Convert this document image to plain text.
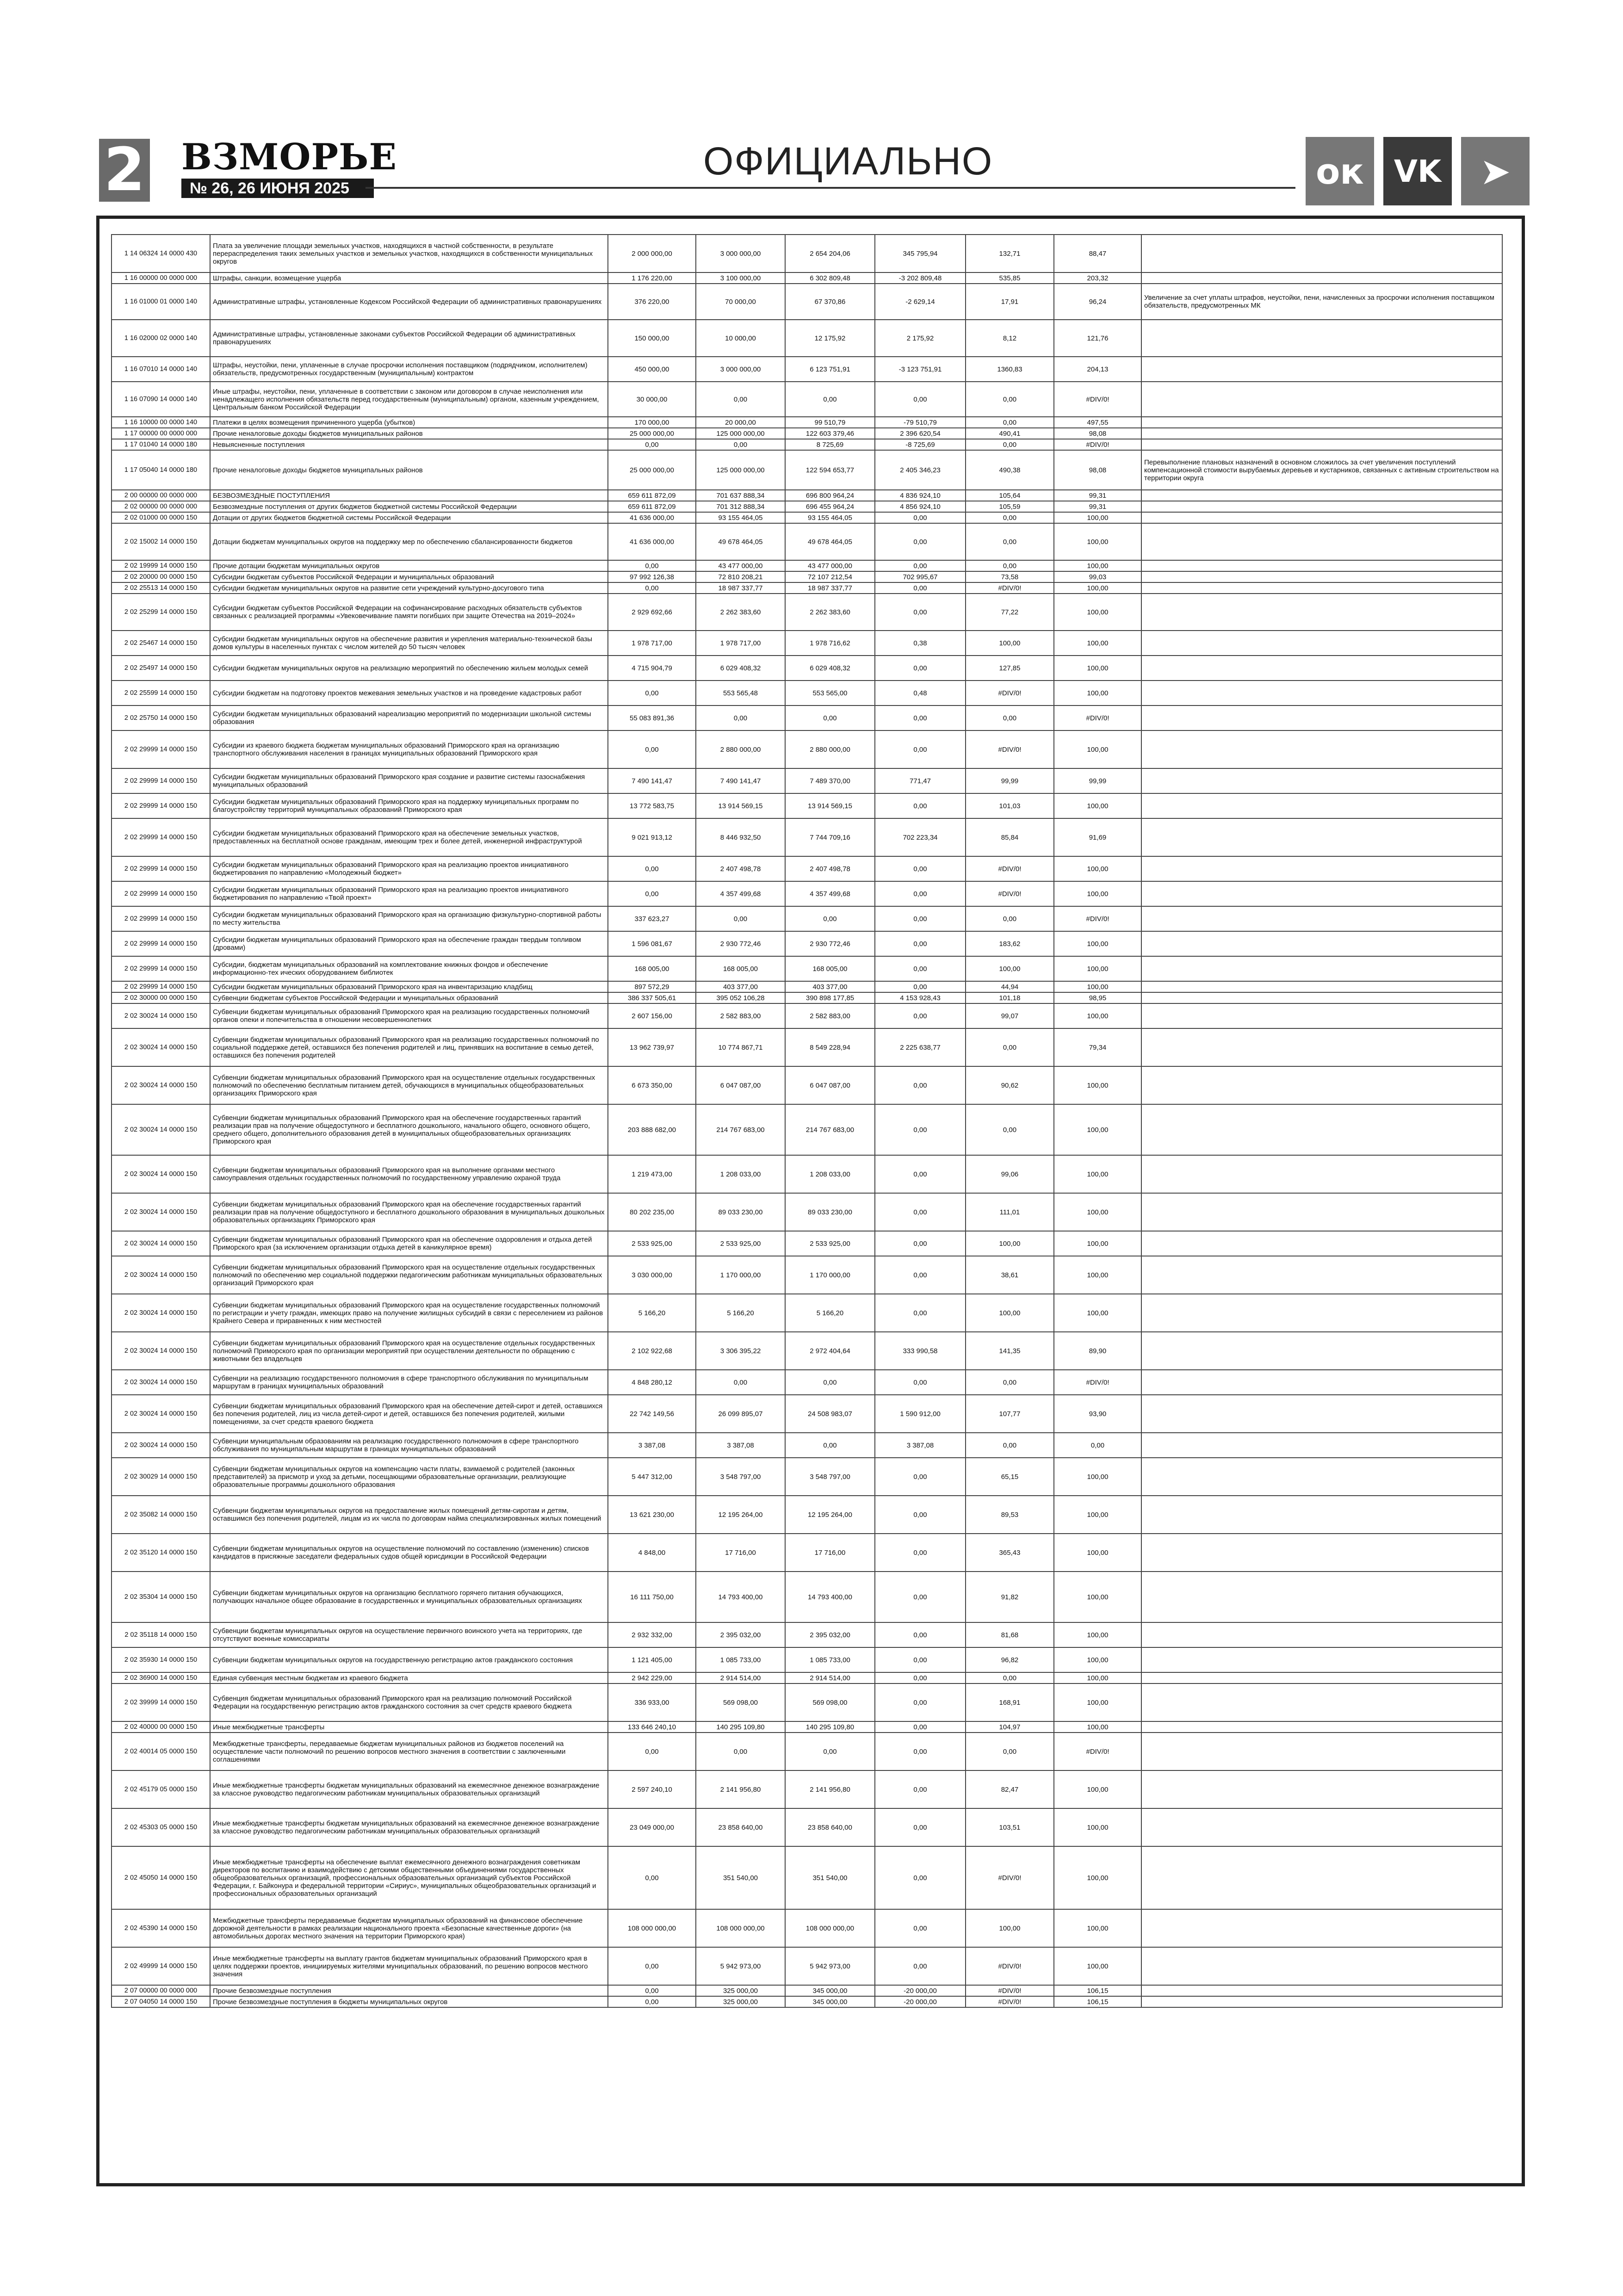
2 ВЗМОРЬЕ
№ 26, 26 ИЮНЯ 2025
ОФИЦИАЛЬНО	ок VK	➤
1 14 06324 14 0000 430	Плата за увеличение площади земельных участков, находящихся в частной собственности, в результате перераспределения таких земельных участков и земельных участков, находящихся в собственности муниципальных округов	2 000 000,00	3 000 000,00	2 654 204,06	345 795,94	132,71	88,47	
1 16 00000 00 0000 000	Штрафы, санкции, возмещение ущерба	1 176 220,00	3 100 000,00	6 302 809,48	-3 202 809,48	535,85	203,32	
1 16 01000 01 0000 140	Административные штрафы, установленные Кодексом Российской Федерации об административных правонарушениях	376 220,00	70 000,00	67 370,86	-2 629,14	17,91	96,24	Увеличение за счет уплаты штрафов, неустойки, пени, начисленных за просрочки исполнения поставщиком обязательств, предусмотренных МК
1 16 02000 02 0000 140	Административные штрафы, установленные законами субъектов Российской Федерации об административных правонарушениях	150 000,00	10 000,00	12 175,92	2 175,92	8,12	121,76	
1 16 07010 14 0000 140	Штрафы, неустойки, пени, уплаченные в случае просрочки исполнения поставщиком (подрядчиком, исполнителем) обязательств, предусмотренных государственным (муниципальным) контрактом	450 000,00	3 000 000,00	6 123 751,91	-3 123 751,91	1360,83	204,13	
1 16 07090 14 0000 140	Иные штрафы, неустойки, пени, уплаченные в соответствии с законом или договором в случае неисполнения или ненадлежащего исполнения обязательств перед государственным (муниципальным) органом, казенным учреждением, Центральным банком Российской Федерации	30 000,00	0,00	0,00	0,00	0,00	#DIV/0!	
1 16 10000 00 0000 140	Платежи в целях возмещения причиненного ущерба (убытков)	170 000,00	20 000,00	99 510,79	-79 510,79	0,00	497,55	
1 17 00000 00 0000 000	Прочие неналоговые доходы бюджетов муниципальных районов	25 000 000,00	125 000 000,00	122 603 379,46	2 396 620,54	490,41	98,08	
1 17 01040 14 0000 180	Невыясненные поступления	0,00	0,00	8 725,69	-8 725,69	0,00	#DIV/0!	
1 17 05040 14 0000 180	Прочие неналоговые доходы бюджетов муниципальных районов	25 000 000,00	125 000 000,00	122 594 653,77	2 405 346,23	490,38	98,08	Перевыполнение плановых назначений в основном сложилось за счет увеличения поступлений компенсационной стоимости вырубаемых деревьев и кустарников, связанных с активным строительством на территории округа
2 00 00000 00 0000 000	БЕЗВОЗМЕЗДНЫЕ ПОСТУПЛЕНИЯ	659 611 872,09	701 637 888,34	696 800 964,24	4 836 924,10	105,64	99,31	
2 02 00000 00 0000 000	Безвозмездные поступления от других бюджетов бюджетной системы Российской Федерации	659 611 872,09	701 312 888,34	696 455 964,24	4 856 924,10	105,59	99,31	
2 02 01000 00 0000 150	Дотации от других бюджетов бюджетной системы Российской Федерации	41 636 000,00	93 155 464,05	93 155 464,05	0,00	0,00	100,00	
2 02 15002 14 0000 150	Дотации бюджетам муниципальных округов на поддержку мер по обеспечению сбалансированности бюджетов	41 636 000,00	49 678 464,05	49 678 464,05	0,00	0,00	100,00	
2 02 19999 14 0000 150	Прочие дотации бюджетам муниципальных округов	0,00	43 477 000,00	43 477 000,00	0,00	0,00	100,00	
2 02 20000 00 0000 150	Субсидии бюджетам субъектов Российской Федерации и муниципальных образований	97 992 126,38	72 810 208,21	72 107 212,54	702 995,67	73,58	99,03	
2 02 25513 14 0000 150	Субсидии бюджетам муниципальных округов на развитие сети учреждений культурно-досугового типа	0,00	18 987 337,77	18 987 337,77	0,00	#DIV/0!	100,00	
2 02 25299 14 0000 150	Субсидии бюджетам субъектов Российской Федерации на софинансирование расходных обязательств субъектов связанных с реализацией программы «Увековечивание памяти погибших при защите Отечества на 2019–2024»	2 929 692,66	2 262 383,60	2 262 383,60	0,00	77,22	100,00	
2 02 25467 14 0000 150	Субсидии бюджетам муниципальных округов на обеспечение развития и укрепления материально-технической базы домов культуры в населенных пунктах с числом жителей до 50 тысяч человек	1 978 717,00	1 978 717,00	1 978 716,62	0,38	100,00	100,00	
2 02 25497 14 0000 150	Субсидии бюджетам муниципальных округов на реализацию мероприятий по обеспечению жильем молодых семей	4 715 904,79	6 029 408,32	6 029 408,32	0,00	127,85	100,00	
2 02 25599 14 0000 150	Субсидии бюджетам на подготовку проектов межевания земельных участков и на проведение кадастровых работ	0,00	553 565,48	553 565,00	0,48	#DIV/0!	100,00	
2 02 25750 14 0000 150	Субсидии бюджетам муниципальных образований нареализацию мероприятий по модернизации школьной системы образования	55 083 891,36	0,00	0,00	0,00	0,00	#DIV/0!	
2 02 29999 14 0000 150	Субсидии из краевого бюджета бюджетам муниципальных образований Приморского края на организацию транспортного обслуживания населения в границах муниципальных образований Приморского края	0,00	2 880 000,00	2 880 000,00	0,00	#DIV/0!	100,00	
2 02 29999 14 0000 150	Субсидии бюджетам муниципальных образований Приморского края создание и развитие системы газоснабжения муниципальных образований	7 490 141,47	7 490 141,47	7 489 370,00	771,47	99,99	99,99	
2 02 29999 14 0000 150	Субсидии бюджетам муниципальных образований Приморского края на поддержку муниципальных программ по благоустройству территорий муниципальных образований Приморского края	13 772 583,75	13 914 569,15	13 914 569,15	0,00	101,03	100,00	
2 02 29999 14 0000 150	Субсидии бюджетам муниципальных образований Приморского края на обеспечение земельных участков, предоставленных на бесплатной основе гражданам, имеющим трех и более детей, инженерной инфраструктурой	9 021 913,12	8 446 932,50	7 744 709,16	702 223,34	85,84	91,69	
2 02 29999 14 0000 150	Субсидии бюджетам муниципальных образований Приморского края на реализацию проектов инициативного бюджетирования по направлению «Молодежный бюджет»	0,00	2 407 498,78	2 407 498,78	0,00	#DIV/0!	100,00	
2 02 29999 14 0000 150	Субсидии бюджетам муниципальных образований Приморского края на реализацию проектов инициативного бюджетирования по направлению «Твой проект»	0,00	4 357 499,68	4 357 499,68	0,00	#DIV/0!	100,00	
2 02 29999 14 0000 150	Субсидии бюджетам муниципальных образований Приморского края на организацию физкультурно-спортивной работы по месту жительства	337 623,27	0,00	0,00	0,00	0,00	#DIV/0!	
2 02 29999 14 0000 150	Субсидии бюджетам муниципальных образований Приморского края на обеспечение граждан твердым топливом (дровами)	1 596 081,67	2 930 772,46	2 930 772,46	0,00	183,62	100,00	
2 02 29999 14 0000 150	Субсидии, бюджетам муниципальных образований на комплектование книжных фондов и обеспечение информационно-тех ических оборудованием библиотек	168 005,00	168 005,00	168 005,00	0,00	100,00	100,00	
2 02 29999 14 0000 150	Субсидии бюджетам муниципальных образований Приморского края на инвентаризацию кладбищ	897 572,29	403 377,00	403 377,00	0,00	44,94	100,00	
2 02 30000 00 0000 150	Субвенции бюджетам субъектов Российской Федерации и муниципальных образований	386 337 505,61	395 052 106,28	390 898 177,85	4 153 928,43	101,18	98,95	
2 02 30024 14 0000 150	Субвенции бюджетам муниципальных образований Приморского края на реализацию государственных полномочий органов опеки и попечительства в отношении несовершеннолетних	2 607 156,00	2 582 883,00	2 582 883,00	0,00	99,07	100,00	
2 02 30024 14 0000 150	Субвенции бюджетам муниципальных образований Приморского края на реализацию государственных полномочий по социальной поддержке детей, оставшихся без попечения родителей и лиц, принявших на воспитание в семью детей, оставшихся без попечения родителей	13 962 739,97	10 774 867,71	8 549 228,94	2 225 638,77	0,00	79,34	
2 02 30024 14 0000 150	Субвенции бюджетам муниципальных образований Приморского края на осуществление отдельных государственных полномочий по обеспечению бесплатным питанием детей, обучающихся в муниципальных общеобразовательных организациях Приморского края	6 673 350,00	6 047 087,00	6 047 087,00	0,00	90,62	100,00	
2 02 30024 14 0000 150	Субвенции бюджетам муниципальных образований Приморского края на обеспечение государственных гарантий реализации прав на получение общедоступного и бесплатного дошкольного, начального общего, основного общего, среднего общего, дополнительного образования детей в муниципальных общеобразовательных организациях Приморского края	203 888 682,00	214 767 683,00	214 767 683,00	0,00	0,00	100,00	
2 02 30024 14 0000 150	Субвенции бюджетам муниципальных образований Приморского края на выполнение органами местного самоуправления отдельных государственных полномочий по государственному управлению охраной труда	1 219 473,00	1 208 033,00	1 208 033,00	0,00	99,06	100,00	
2 02 30024 14 0000 150	Субвенции бюджетам муниципальных образований Приморского края на обеспечение государственных гарантий реализации прав на получение общедоступного и бесплатного дошкольного образования в муниципальных дошкольных образовательных организациях Приморского края	80 202 235,00	89 033 230,00	89 033 230,00	0,00	111,01	100,00	
2 02 30024 14 0000 150	Субвенции бюджетам муниципальных образований Приморского края на обеспечение оздоровления и отдыха детей Приморского края (за исключением организации отдыха детей в каникулярное время)	2 533 925,00	2 533 925,00	2 533 925,00	0,00	100,00	100,00	
2 02 30024 14 0000 150	Субвенции бюджетам муниципальных образований Приморского края на осуществление отдельных государственных полномочий по обеспечению мер социальной поддержки педагогическим работникам муниципальных образовательных организаций Приморского края	3 030 000,00	1 170 000,00	1 170 000,00	0,00	38,61	100,00	
2 02 30024 14 0000 150	Субвенции бюджетам муниципальных образований Приморского края на осуществление государственных полномочий по регистрации и учету граждан, имеющих право на получение жилищных субсидий в связи с переселением из районов Крайнего Севера и приравненных к ним местностей	5 166,20	5 166,20	5 166,20	0,00	100,00	100,00	
2 02 30024 14 0000 150	Субвенции бюджетам муниципальных образований Приморского края на осуществление отдельных государственных полномочий Приморского края по организации мероприятий при осуществлении деятельности по обращению с животными без владельцев	2 102 922,68	3 306 395,22	2 972 404,64	333 990,58	141,35	89,90	
2 02 30024 14 0000 150	Субвенции на реализацию государственного полномочия в сфере транспортного обслуживания по муниципальным маршрутам в границах муниципальных образований	4 848 280,12	0,00	0,00	0,00	0,00	#DIV/0!	
2 02 30024 14 0000 150	Субвенции бюджетам муниципальных образований Приморского края на обеспечение детей-сирот и детей, оставшихся без попечения родителей, лиц из числа детей-сирот и детей, оставшихся без попечения родителей, жилыми помещениями, за счет средств краевого бюджета	22 742 149,56	26 099 895,07	24 508 983,07	1 590 912,00	107,77	93,90	
2 02 30024 14 0000 150	Субвенции муниципальным образованиям на реализацию государственного полномочия в сфере транспортного обслуживания по муниципальным маршрутам в границах муниципальных образований	3 387,08	3 387,08	0,00	3 387,08	0,00	0,00	
2 02 30029 14 0000 150	Субвенции бюджетам муниципальных округов на компенсацию части платы, взимаемой с родителей (законных представителей) за присмотр и уход за детьми, посещающими образовательные организации, реализующие образовательные программы дошкольного образования	5 447 312,00	3 548 797,00	3 548 797,00	0,00	65,15	100,00	
2 02 35082 14 0000 150	Субвенции бюджетам муниципальных округов на предоставление жилых помещений детям-сиротам и детям, оставшимся без попечения родителей, лицам из их числа по договорам найма специализированных жилых помещений	13 621 230,00	12 195 264,00	12 195 264,00	0,00	89,53	100,00	
2 02 35120 14 0000 150	Субвенции бюджетам муниципальных округов на осуществление полномочий по составлению (изменению) списков кандидатов в присяжные заседатели федеральных судов общей юрисдикции в Российской Федерации	4 848,00	17 716,00	17 716,00	0,00	365,43	100,00	
2 02 35304 14 0000 150	Субвенции бюджетам муниципальных округов на организацию бесплатного горячего питания обучающихся, получающих начальное общее образование в государственных и муниципальных образовательных организациях	16 111 750,00	14 793 400,00	14 793 400,00	0,00	91,82	100,00	
2 02 35118 14 0000 150	Субвенции бюджетам муниципальных округов на осуществление первичного воинского учета на территориях, где отсутствуют военные комиссариаты	2 932 332,00	2 395 032,00	2 395 032,00	0,00	81,68	100,00	
2 02 35930 14 0000 150	Субвенции бюджетам муниципальных округов на государственную регистрацию актов гражданского состояния	1 121 405,00	1 085 733,00	1 085 733,00	0,00	96,82	100,00	
2 02 36900 14 0000 150	Единая субвенция местным бюджетам из краевого бюджета	2 942 229,00	2 914 514,00	2 914 514,00	0,00	0,00	100,00	
2 02 39999 14 0000 150	Субвенция бюджетам муниципальных образований Приморского края на реализацию полномочий Российской Федерации на государственную регистрацию актов гражданского состояния за счет средств краевого бюджета	336 933,00	569 098,00	569 098,00	0,00	168,91	100,00	
2 02 40000 00 0000 150	Иные межбюджетные трансферты	133 646 240,10	140 295 109,80	140 295 109,80	0,00	104,97	100,00	
2 02 40014 05 0000 150	Межбюджетные трансферты, передаваемые бюджетам муниципальных районов из бюджетов поселений на осуществление части полномочий по решению вопросов местного значения в соответствии с заключенными соглашениями	0,00	0,00	0,00	0,00	0,00	#DIV/0!	
2 02 45179 05 0000 150	Иные межбюджетные трансферты бюджетам муниципальных образований на ежемесячное денежное вознаграждение за классное руководство педагогическим работникам муниципальных образовательных организаций	2 597 240,10	2 141 956,80	2 141 956,80	0,00	82,47	100,00	
2 02 45303 05 0000 150	Иные межбюджетные трансферты бюджетам муниципальных образований на ежемесячное денежное вознаграждение за классное руководство педагогическим работникам муниципальных образовательных организаций	23 049 000,00	23 858 640,00	23 858 640,00	0,00	103,51	100,00	
2 02 45050 14 0000 150	Иные межбюджетные трансферты на обеспечение выплат ежемесячного денежного вознаграждения советникам директоров по воспитанию и взаимодействию с детскими общественными объединениями государственных общеобразовательных организаций, профессиональных образовательных организаций субъектов Российской Федерации, г. Байконура и федеральной территории «Сириус», муниципальных общеобразовательных организаций и профессиональных образовательных организаций	0,00	351 540,00	351 540,00	0,00	#DIV/0!	100,00	
2 02 45390 14 0000 150	Межбюджетные трансферты передаваемые бюджетам муниципальных образований на финансовое обеспечение дорожной деятельности в рамках реализации национального проекта «Безопасные качественные дороги» (на автомобильных дорогах местного значения на территории Приморского края)	108 000 000,00	108 000 000,00	108 000 000,00	0,00	100,00	100,00	
2 02 49999 14 0000 150	Иные межбюджетные трансферты на выплату грантов бюджетам муниципальных образований Приморского края в целях поддержки проектов, инициируемых жителями муниципальных образований, по решению вопросов местного значения	0,00	5 942 973,00	5 942 973,00	0,00	#DIV/0!	100,00	
2 07 00000 00 0000 000	Прочие безвозмездные поступления	0,00	325 000,00	345 000,00	-20 000,00	#DIV/0!	106,15	
2 07 04050 14 0000 150	Прочие безвозмездные поступления в бюджеты муниципальных округов	0,00	325 000,00	345 000,00	-20 000,00	#DIV/0!	106,15	
